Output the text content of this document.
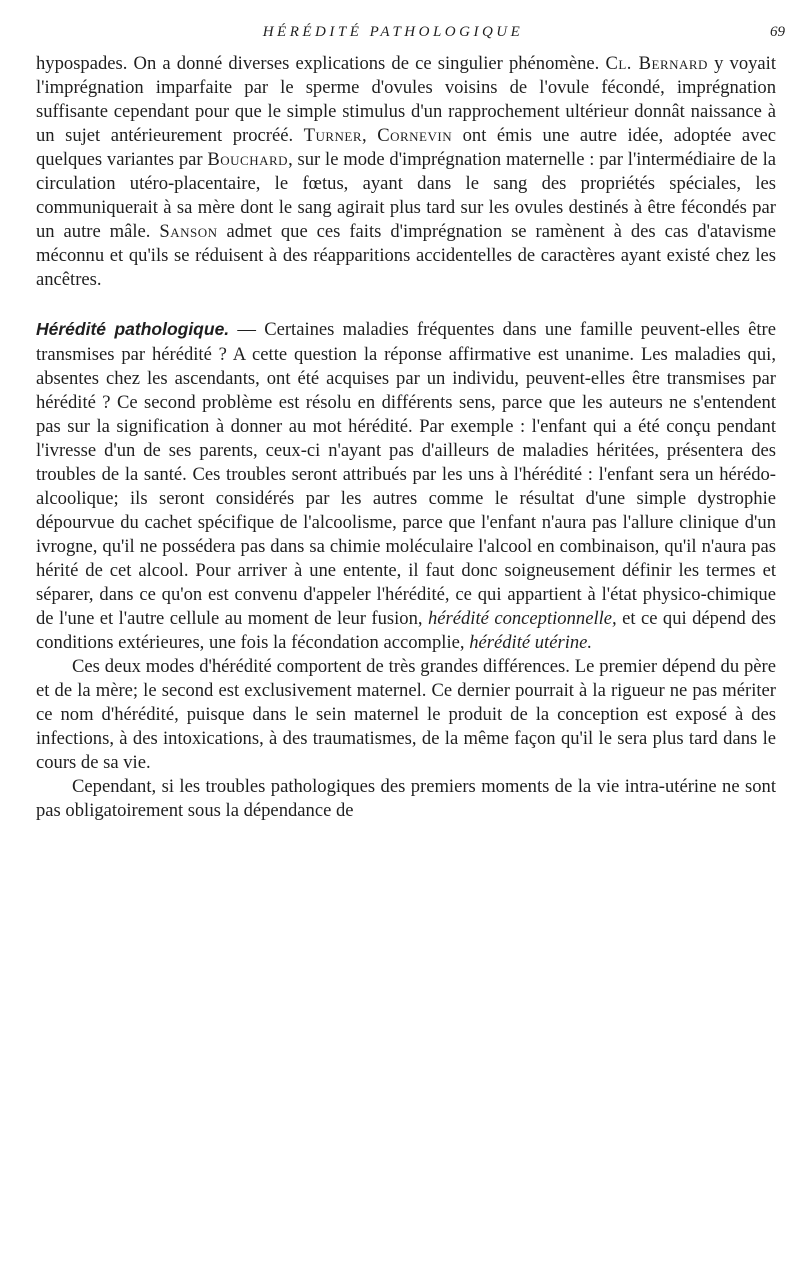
HÉRÉDITÉ PATHOLOGIQUE	69

hypospades. On a donné diverses explications de ce singulier phénomène. Cl. Bernard y voyait l'imprégnation imparfaite par le sperme d'ovules voisins de l'ovule fécondé, imprégnation suffisante cependant pour que le simple stimulus d'un rapprochement ultérieur donnât naissance à un sujet antérieurement procréé. Turner, Cornevin ont émis une autre idée, adoptée avec quelques variantes par Bouchard, sur le mode d'imprégnation maternelle : par l'intermédiaire de la circulation utéro-placentaire, le fœtus, ayant dans le sang des propriétés spéciales, les communiquerait à sa mère dont le sang agirait plus tard sur les ovules destinés à être fécondés par un autre mâle. Sanson admet que ces faits d'imprégnation se ramènent à des cas d'atavisme méconnu et qu'ils se réduisent à des réapparitions accidentelles de caractères ayant existé chez les ancêtres.

Hérédité pathologique. — Certaines maladies fréquentes dans une famille peuvent-elles être transmises par hérédité ? A cette question la réponse affirmative est unanime. Les maladies qui, absentes chez les ascendants, ont été acquises par un individu, peuvent-elles être transmises par hérédité ? Ce second problème est résolu en différents sens, parce que les auteurs ne s'entendent pas sur la signification à donner au mot hérédité. Par exemple : l'enfant qui a été conçu pendant l'ivresse d'un de ses parents, ceux-ci n'ayant pas d'ailleurs de maladies héritées, présentera des troubles de la santé. Ces troubles seront attribués par les uns à l'hérédité : l'enfant sera un hérédo-alcoolique; ils seront considérés par les autres comme le résultat d'une simple dystrophie dépourvue du cachet spécifique de l'alcoolisme, parce que l'enfant n'aura pas l'allure clinique d'un ivrogne, qu'il ne possédera pas dans sa chimie moléculaire l'alcool en combinaison, qu'il n'aura pas hérité de cet alcool. Pour arriver à une entente, il faut donc soigneusement définir les termes et séparer, dans ce qu'on est convenu d'appeler l'hérédité, ce qui appartient à l'état physico-chimique de l'une et l'autre cellule au moment de leur fusion, hérédité conceptionnelle, et ce qui dépend des conditions extérieures, une fois la fécondation accomplie, hérédité utérine.

Ces deux modes d'hérédité comportent de très grandes différences. Le premier dépend du père et de la mère; le second est exclusivement maternel. Ce dernier pourrait à la rigueur ne pas mériter ce nom d'hérédité, puisque dans le sein maternel le produit de la conception est exposé à des infections, à des intoxications, à des traumatismes, de la même façon qu'il le sera plus tard dans le cours de sa vie.

Cependant, si les troubles pathologiques des premiers moments de la vie intra-utérine ne sont pas obligatoirement sous la dépendance de
